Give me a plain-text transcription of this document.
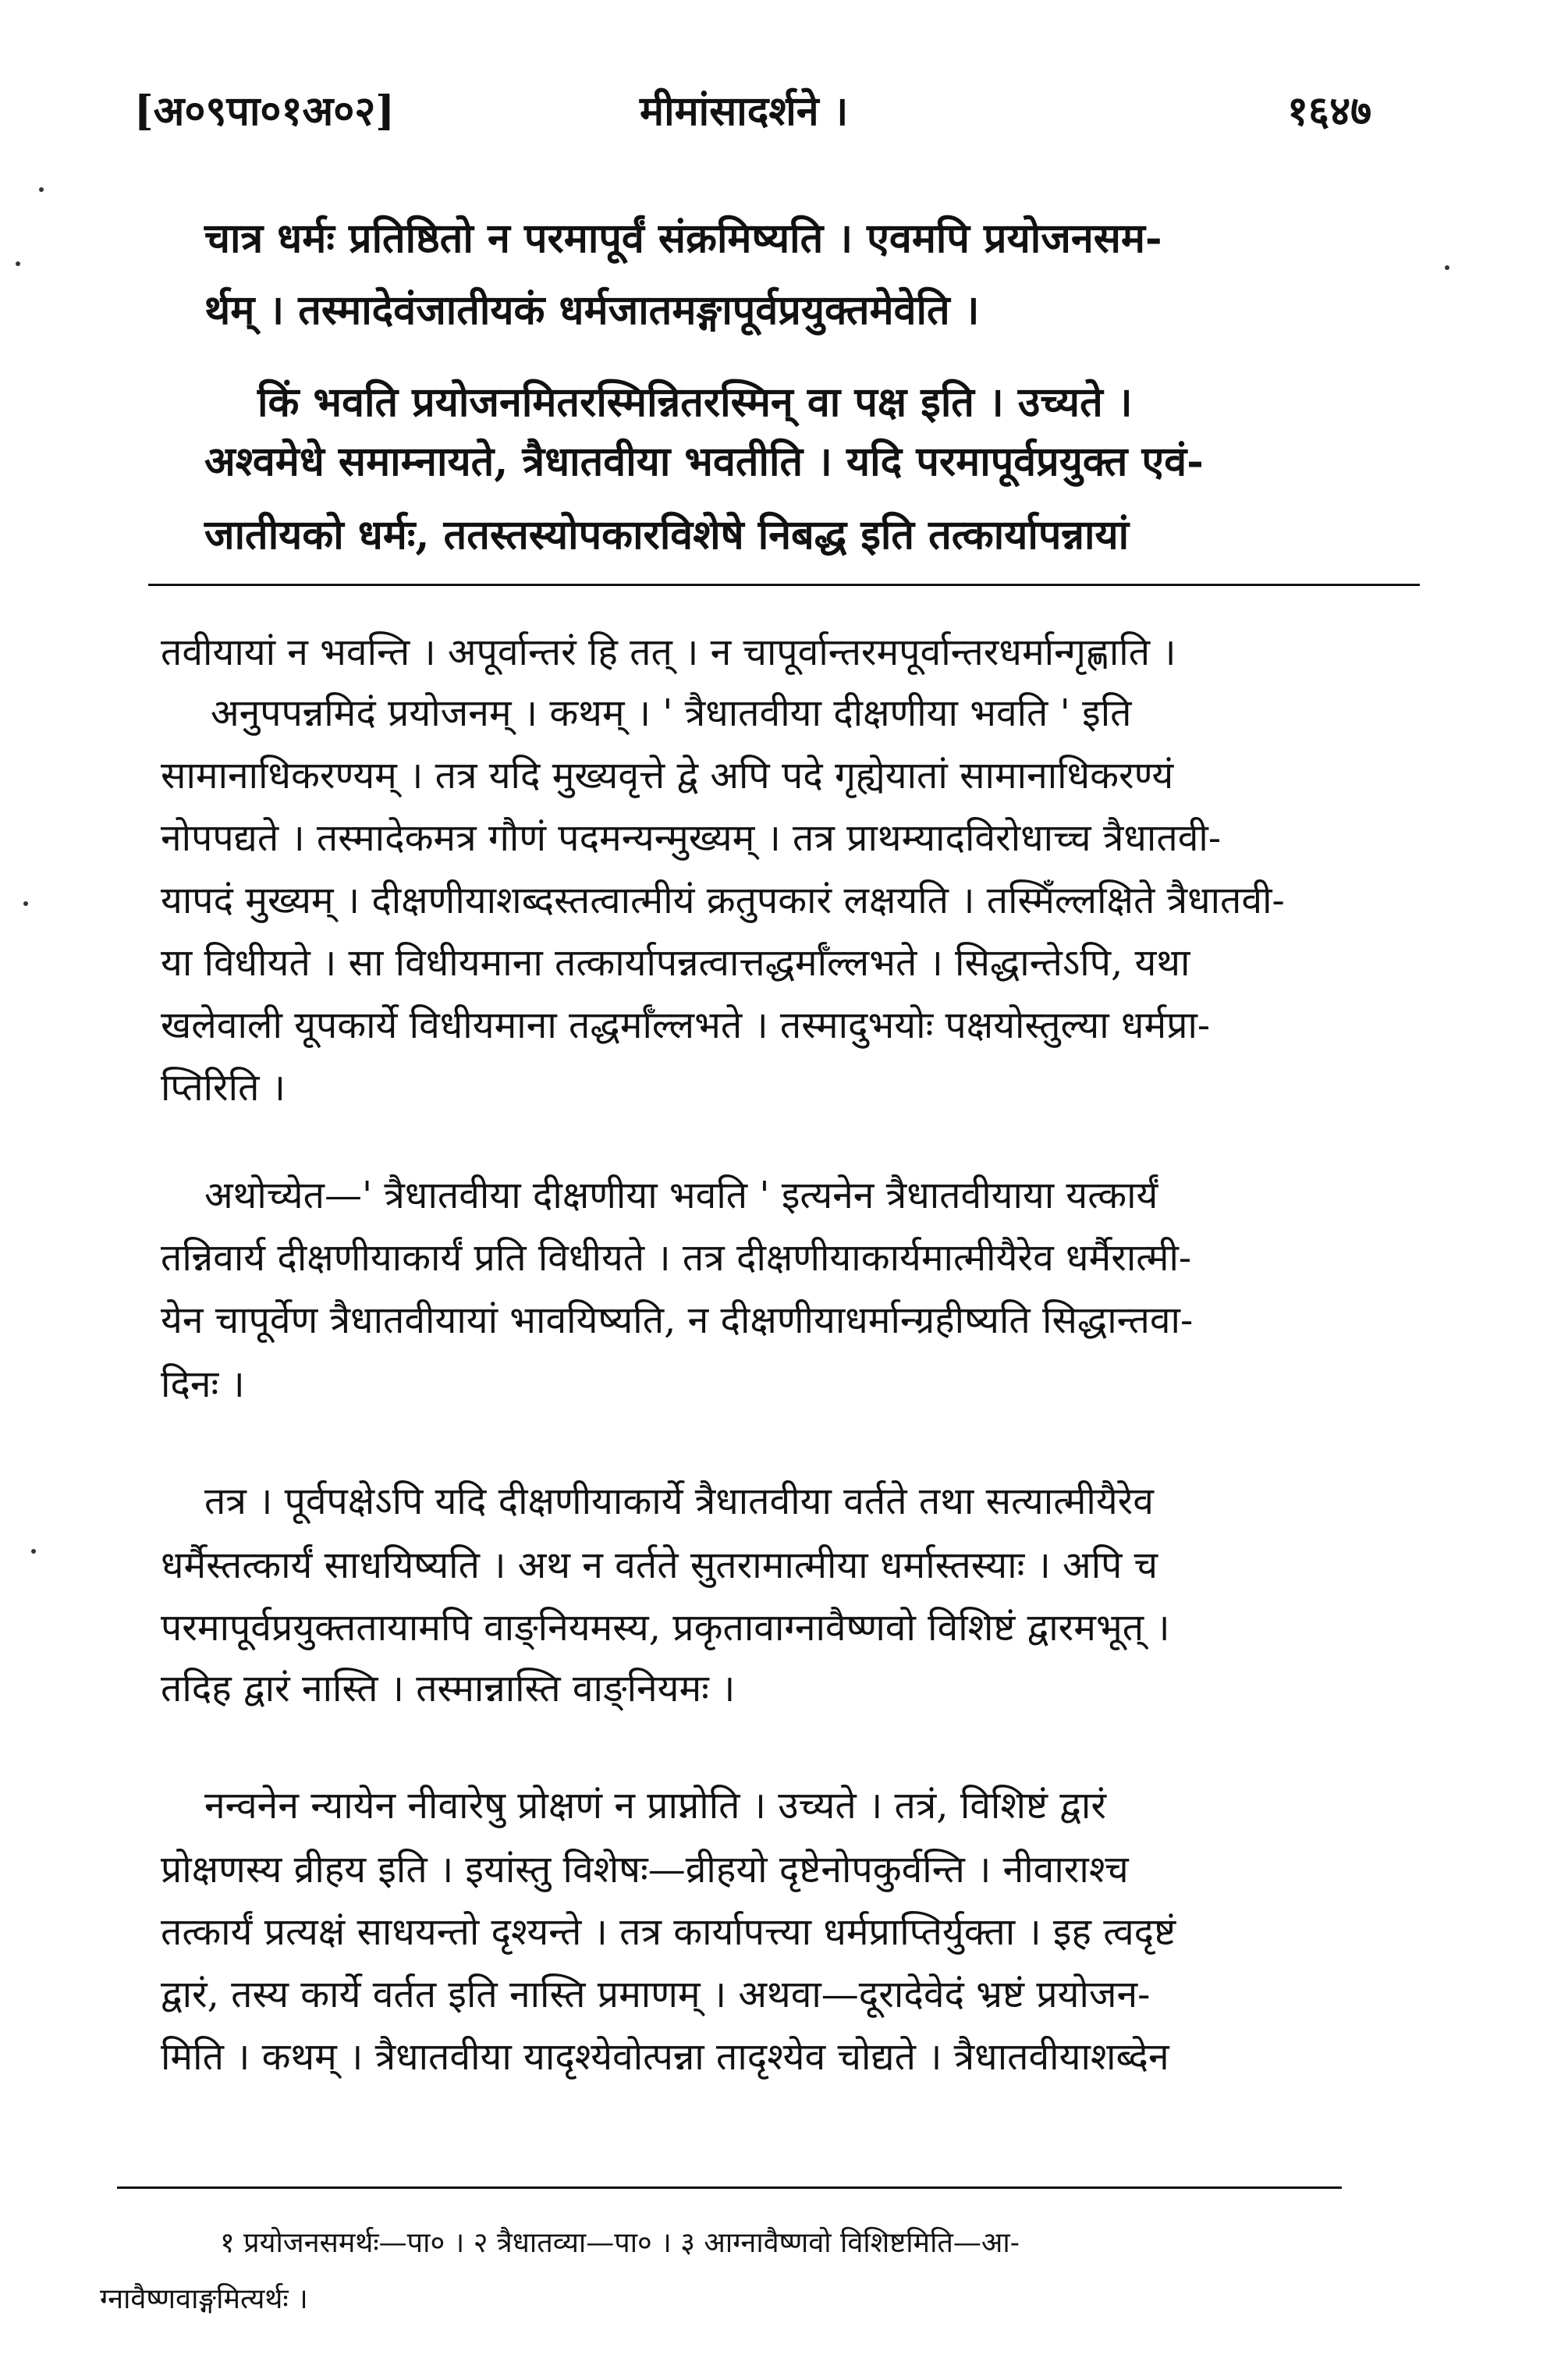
[अ०९पा०१अ०२]	मीमांसादर्शने ।	१६४७
चात्र धर्मः प्रतिष्ठितो न परमापूर्वं संक्रमिष्यति । एवमपि प्रयोजनसम-
र्थम् । तस्मादेवंजातीयकं धर्मजातमङ्गापूर्वप्रयुक्तमेवेति ।
किं भवति प्रयोजनमितरस्मिन्नितरस्मिन् वा पक्ष इति । उच्यते ।
अश्वमेधे समाम्नायते, त्रैधातवीया भवतीति । यदि परमापूर्वप्रयुक्त एवं-
जातीयको धर्मः, ततस्तस्योपकारविशेषे निबद्ध इति तत्कार्यापन्नायां
तवीयायां न भवन्ति । अपूर्वान्तरं हि तत् । न चापूर्वान्तरमपूर्वान्तरधर्मान्गृह्णाति ।
अनुपपन्नमिदं प्रयोजनम् । कथम् । ' त्रैधातवीया दीक्षणीया भवति ' इति
सामानाधिकरण्यम् । तत्र यदि मुख्यवृत्ते द्वे अपि पदे गृह्येयातां सामानाधिकरण्यं
नोपपद्यते । तस्मादेकमत्र गौणं पदमन्यन्मुख्यम् । तत्र प्राथम्यादविरोधाच्च त्रैधातवी-
यापदं मुख्यम् । दीक्षणीयाशब्दस्तत्वात्मीयं क्रतुपकारं लक्षयति । तस्मिँल्लक्षिते त्रैधातवी-
या विधीयते । सा विधीयमाना तत्कार्यापन्नत्वात्तद्धर्माँल्लभते । सिद्धान्तेऽपि, यथा
खलेवाली यूपकार्ये विधीयमाना तद्धर्माँल्लभते । तस्मादुभयोः पक्षयोस्तुल्या धर्मप्रा-
प्तिरिति ।
अथोच्येत—' त्रैधातवीया दीक्षणीया भवति ' इत्यनेन त्रैधातवीयाया यत्कार्यं
तन्निवार्य दीक्षणीयाकार्यं प्रति विधीयते । तत्र दीक्षणीयाकार्यमात्मीयैरेव धर्मैरात्मी-
येन चापूर्वेण त्रैधातवीयायां भावयिष्यति, न दीक्षणीयाधर्मान्ग्रहीष्यति सिद्धान्तवा-
दिनः ।
तत्र । पूर्वपक्षेऽपि यदि दीक्षणीयाकार्ये त्रैधातवीया वर्तते तथा सत्यात्मीयैरेव
धर्मैस्तत्कार्यं साधयिष्यति । अथ न वर्तते सुतरामात्मीया धर्मास्तस्याः । अपि च
परमापूर्वप्रयुक्ततायामपि वाङ्नियमस्य, प्रकृतावाग्नावैष्णवो विशिष्टं द्वारमभूत् ।
तदिह द्वारं नास्ति । तस्मान्नास्ति वाङ्नियमः ।
नन्वनेन न्यायेन नीवारेषु प्रोक्षणं न प्राप्नोति । उच्यते । तत्रं, विशिष्टं द्वारं
प्रोक्षणस्य व्रीहय इति । इयांस्तु विशेषः—व्रीहयो दृष्टेनोपकुर्वन्ति । नीवाराश्च
तत्कार्यं प्रत्यक्षं साधयन्तो दृश्यन्ते । तत्र कार्यापत्त्या धर्मप्राप्तिर्युक्ता । इह त्वदृष्टं
द्वारं, तस्य कार्ये वर्तत इति नास्ति प्रमाणम् । अथवा—दूरादेवेदं भ्रष्टं प्रयोजन-
मिति । कथम् । त्रैधातवीया यादृश्येवोत्पन्ना तादृश्येव चोद्यते । त्रैधातवीयाशब्देन
१ प्रयोजनसमर्थः—पा० । २ त्रैधातव्या—पा० । ३ आग्नावैष्णवो विशिष्टमिति—आ-
ग्नावैष्णवाङ्गमित्यर्थः ।
